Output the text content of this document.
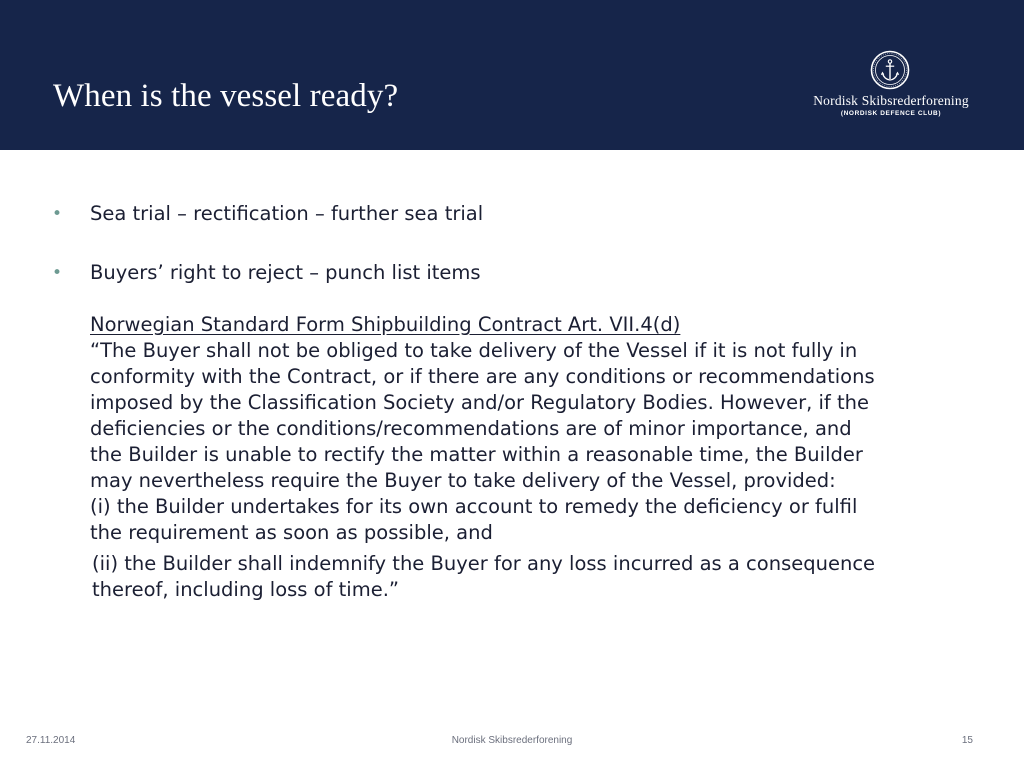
When is the vessel ready?	Nordisk Skibsrederforening
(NORDISK DEFENCE CLUB)
• Sea trial – rectification – further sea trial
• Buyers’ right to reject – punch list items
Norwegian Standard Form Shipbuilding Contract Art. VII.4(d)
“The Buyer shall not be obliged to take delivery of the Vessel if it is not fully in
conformity with the Contract, or if there are any conditions or recommendations
imposed by the Classification Society and/or Regulatory Bodies. However, if the
deficiencies or the conditions/recommendations are of minor importance, and
the Builder is unable to rectify the matter within a reasonable time, the Builder
may nevertheless require the Buyer to take delivery of the Vessel, provided:
(i) the Builder undertakes for its own account to remedy the deficiency or fulfil
the requirement as soon as possible, and
(ii) the Builder shall indemnify the Buyer for any loss incurred as a consequence
thereof, including loss of time.”
27.11.2014	Nordisk Skibsrederforening	15
